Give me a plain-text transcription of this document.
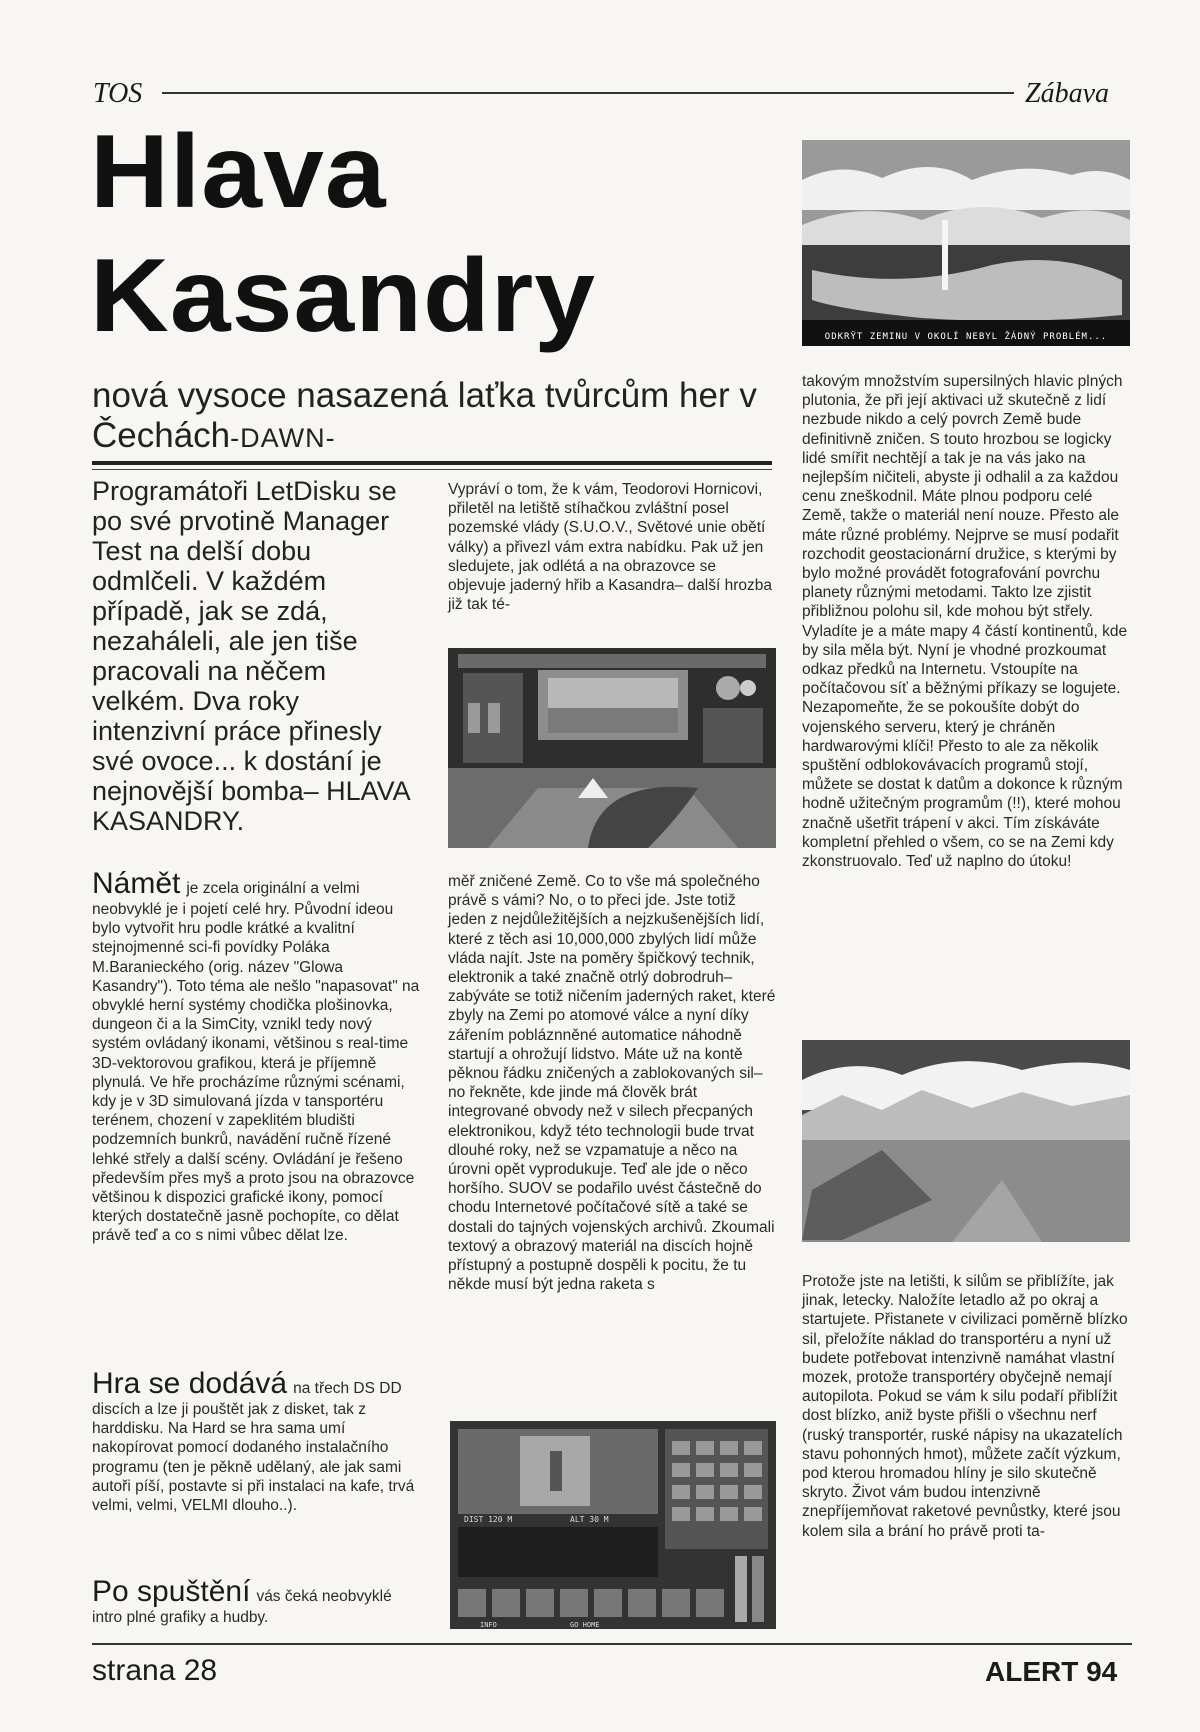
TOS	Zábava
Hlava
Kasandry
nová vysoce nasazená laťka tvůrcům her v Čechách-DAWN-
Programátoři LetDisku se po své prvotině Manager Test na delší dobu odmlčeli. V každém případě, jak se zdá, nezaháleli, ale jen tiše pracovali na něčem velkém. Dva roky intenzivní práce přinesly své ovoce... k dostání je nejnovější bomba– HLAVA KASANDRY.
Námět je zcela originální a velmi neobvyklé je i pojetí celé hry. Původní ideou bylo vytvořit hru podle krátké a kvalitní stejnojmenné sci-fi povídky Poláka M.Baranieckého (orig. název "Glowa Kasandry"). Toto téma ale nešlo "napasovat" na obvyklé herní systémy chodička plošinovka, dungeon či a la SimCity, vznikl tedy nový systém ovládaný ikonami, většinou s real-time 3D-vektorovou grafikou, která je příjemně plynulá. Ve hře procházíme různými scénami, kdy je v 3D simulovaná jízda v tansportéru terénem, chození v zapeklitém bludišti podzemních bunkrů, navádění ručně řízené lehké střely a další scény. Ovládání je řešeno především přes myš a proto jsou na obrazovce většinou k dispozici grafické ikony, pomocí kterých dostatečně jasně pochopíte, co dělat právě teď a co s nimi vůbec dělat lze.
Hra se dodává na třech DS DD discích a lze ji pouštět jak z disket, tak z harddisku. Na Hard se hra sama umí nakopírovat pomocí dodaného instalačního programu (ten je pěkně udělaný, ale jak sami autoři píší, postavte si při instalaci na kafe, trvá velmi, velmi, VELMI dlouho..).
Po spuštění vás čeká neobvyklé intro plné grafiky a hudby.
Vypráví o tom, že k vám, Teodorovi Hornicovi, přiletěl na letiště stíhačkou zvláštní posel pozemské vlády (S.U.O.V., Světové unie obětí války) a přivezl vám extra nabídku. Pak už jen sledujete, jak odlétá a na obrazovce se objevuje jaderný hřib a Kasandra– další hrozba již tak té-
měř zničené Země. Co to vše má společného právě s vámi? No, o to přeci jde. Jste totiž jeden z nejdůležitějších a nejzkušenějších lidí, které z těch asi 10,000,000 zbylých lidí může vláda najít. Jste na poměry špičkový technik, elektronik a také značně otrlý dobrodruh– zabýváte se totiž ničením jaderných raket, které zbyly na Zemi po atomové válce a nyní díky zářením pobláznněné automatice náhodně startují a ohrožují lidstvo. Máte už na kontě pěknou řádku zničených a zablokovaných sil– no řekněte, kde jinde má člověk brát integrované obvody než v silech přecpaných elektronikou, když této technologii bude trvat dlouhé roky, než se vzpamatuje a něco na úrovni opět vyprodukuje. Teď ale jde o něco horšího. SUOV se podařilo uvést částečně do chodu Internetové počítačové sítě a také se dostali do tajných vojenských archivů. Zkoumali textový a obrazový materiál na discích hojně přístupný a postupně dospěli k pocitu, že tu někde musí být jedna raketa s
DIST 120 M	ALT 30 M
INFO	GO HOME
ODKRŸT ZEMINU V OKOLÍ NEBYL ŽÁDNÝ PROBLÉM...
takovým množstvím supersilných hlavic plných plutonia, že při její aktivaci už skutečně z lidí nezbude nikdo a celý povrch Země bude definitivně zničen. S touto hrozbou se logicky lidé smířit nechtějí a tak je na vás jako na nejlepším ničiteli, abyste ji odhalil a za každou cenu zneškodnil. Máte plnou podporu celé Země, takže o materiál není nouze. Přesto ale máte různé problémy. Nejprve se musí podařit rozchodit geostacionární družice, s kterými by bylo možné provádět fotografování povrchu planety různými metodami. Takto lze zjistit přibližnou polohu sil, kde mohou být střely. Vyladíte je a máte mapy 4 částí kontinentů, kde by sila měla být. Nyní je vhodné prozkoumat odkaz předků na Internetu. Vstoupíte na počítačovou síť a běžnými příkazy se logujete. Nezapomeňte, že se pokoušíte dobýt do vojenského serveru, který je chráněn hardwarovými klíči! Přesto to ale za několik spuštění odblokovávacích programů stojí, můžete se dostat k datům a dokonce k různým hodně užitečným programům (!!), které mohou značně ušetřit trápení v akci. Tím získáváte kompletní přehled o všem, co se na Zemi kdy zkonstruovalo. Teď už naplno do útoku!
Protože jste na letišti, k silům se přiblížíte, jak jinak, letecky. Naložíte letadlo až po okraj a startujete. Přistanete v civilizaci poměrně blízko sil, přeložíte náklad do transportéru a nyní už budete potřebovat intenzivně namáhat vlastní mozek, protože transportéry obyčejně nemají autopilota. Pokud se vám k silu podaří přiblížit dost blízko, aniž byste přišli o všechnu nerf (ruský transportér, ruské nápisy na ukazatelích stavu pohonných hmot), můžete začít výzkum, pod kterou hromadou hlíny je silo skutečně skryto. Život vám budou intenzivně znepříjemňovat raketové pevnůstky, které jsou kolem sila a brání ho právě proti ta-
strana 28	ALERT 94
